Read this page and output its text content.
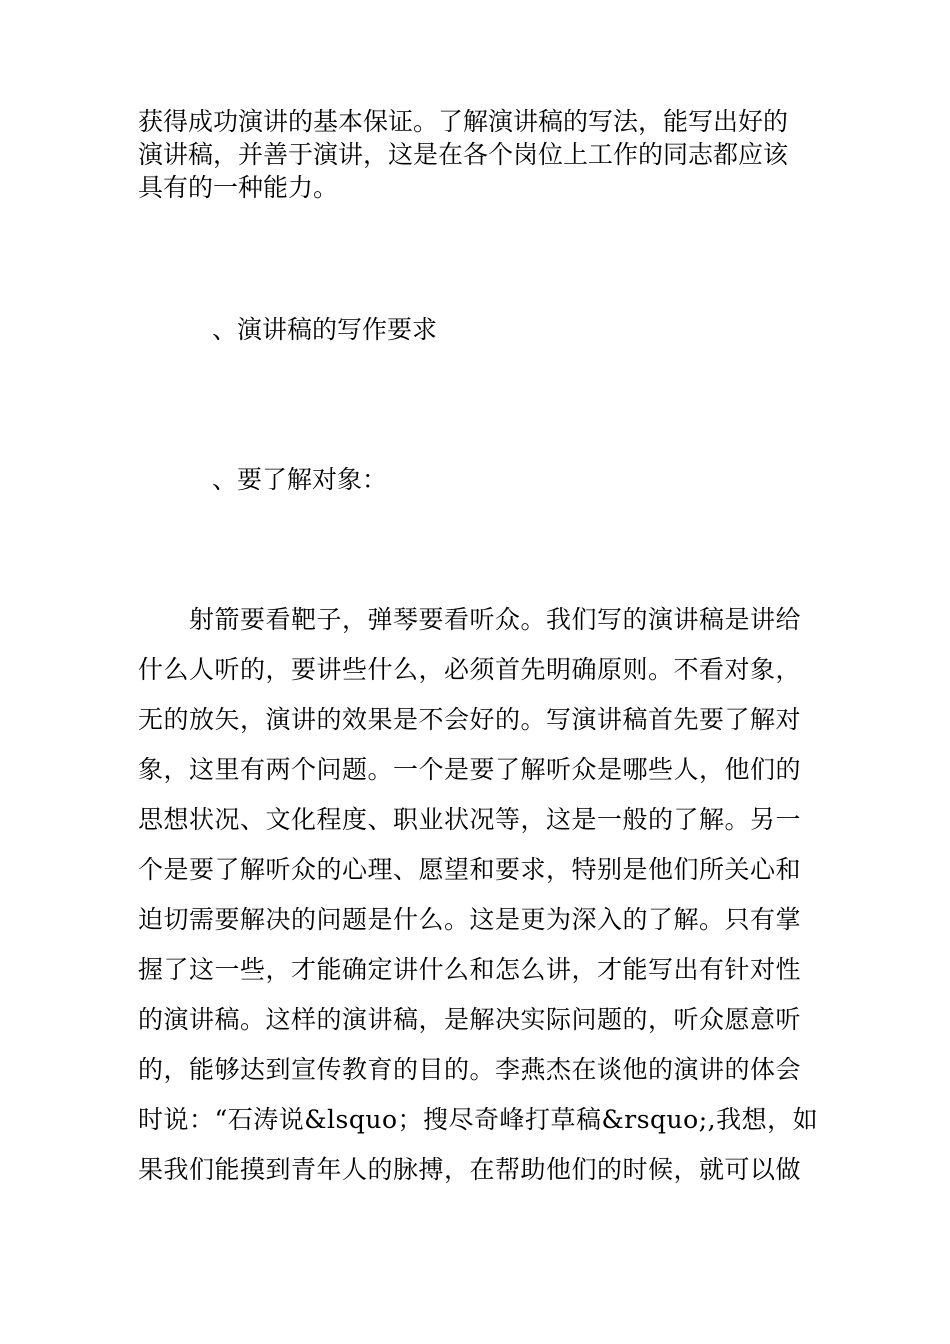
获得成功演讲的基本保证。了解演讲稿的写法，能写出好的
演讲稿，并善于演讲，这是在各个岗位上工作的同志都应该
具有的一种能力。
、演讲稿的写作要求
、要了解对象：
　　射箭要看靶子，弹琴要看听众。我们写的演讲稿是讲给
什么人听的，要讲些什么，必须首先明确原则。不看对象，
无的放矢，演讲的效果是不会好的。写演讲稿首先要了解对
象，这里有两个问题。一个是要了解听众是哪些人，他们的
思想状况、文化程度、职业状况等，这是一般的了解。另一
个是要了解听众的心理、愿望和要求，特别是他们所关心和
迫切需要解决的问题是什么。这是更为深入的了解。只有掌
握了这一些，才能确定讲什么和怎么讲，才能写出有针对性
的演讲稿。这样的演讲稿，是解决实际问题的，听众愿意听
的，能够达到宣传教育的目的。李燕杰在谈他的演讲的体会
时说：“石涛说&lsquo；搜尽奇峰打草稿&rsquo;,我想，如
果我们能摸到青年人的脉搏，在帮助他们的时候，就可以做
